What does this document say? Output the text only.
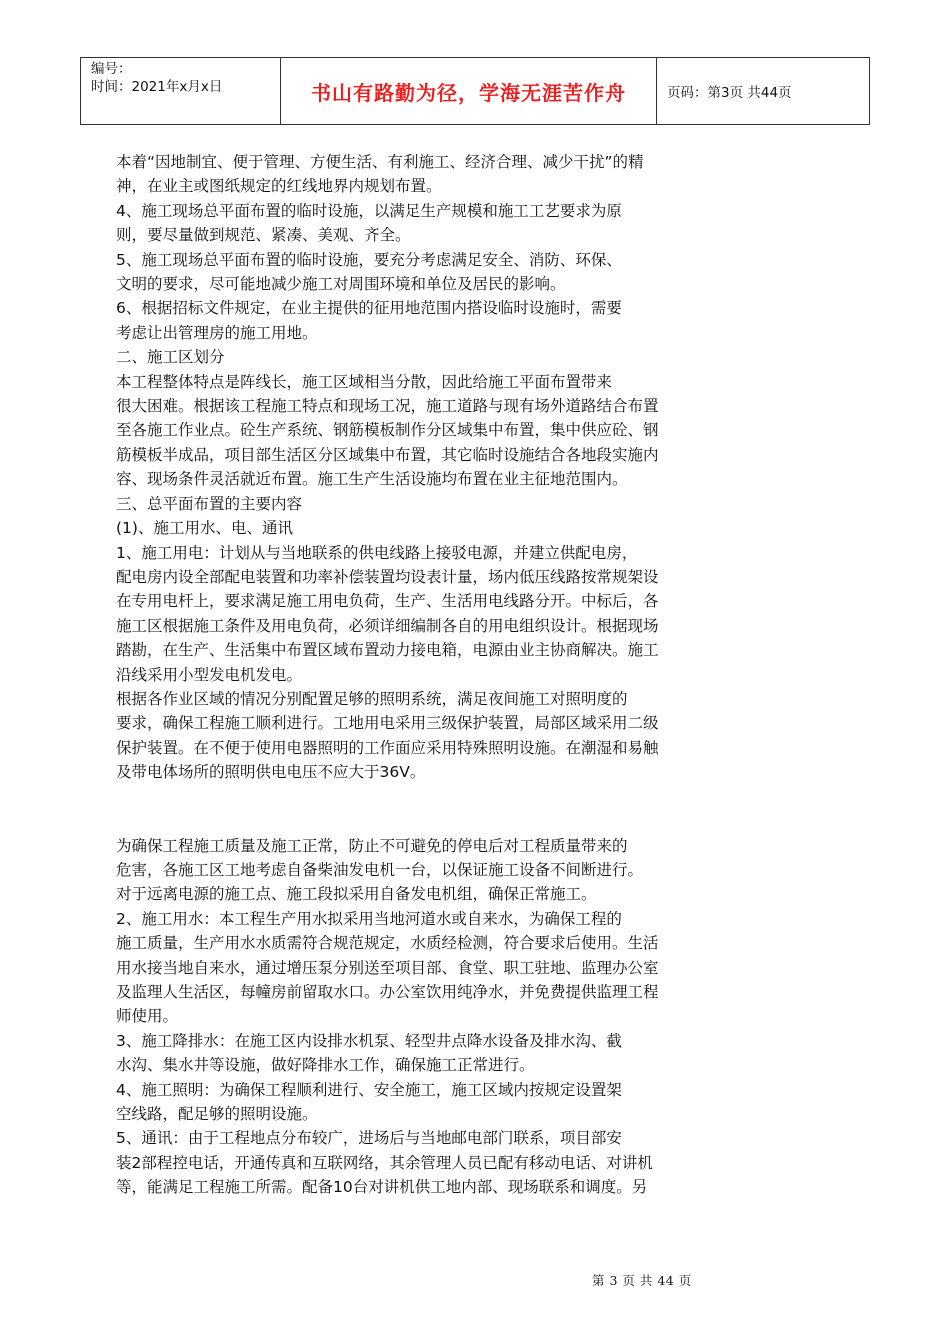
编号：
时间：2021年x月x日	书山有路勤为径，学海无涯苦作舟	页码：第3页 共44页

本着“因地制宜、便于管理、方便生活、有利施工、经济合理、减少干扰”的精

神，在业主或图纸规定的红线地界内规划布置。

4、施工现场总平面布置的临时设施，以满足生产规模和施工工艺要求为原

则，要尽量做到规范、紧凑、美观、齐全。

5、施工现场总平面布置的临时设施，要充分考虑满足安全、消防、环保、

文明的要求，尽可能地减少施工对周围环境和单位及居民的影响。

6、根据招标文件规定，在业主提供的征用地范围内搭设临时设施时，需要

考虑让出管理房的施工用地。

二、施工区划分

本工程整体特点是阵线长，施工区域相当分散，因此给施工平面布置带来

很大困难。根据该工程施工特点和现场工况，施工道路与现有场外道路结合布置

至各施工作业点。砼生产系统、钢筋模板制作分区域集中布置，集中供应砼、钢

筋模板半成品，项目部生活区分区域集中布置，其它临时设施结合各地段实施内

容、现场条件灵活就近布置。施工生产生活设施均布置在业主征地范围内。

三、总平面布置的主要内容

(1)、施工用水、电、通讯

1、施工用电：计划从与当地联系的供电线路上接驳电源，并建立供配电房，

配电房内设全部配电装置和功率补偿装置均设表计量，场内低压线路按常规架设

在专用电杆上，要求满足施工用电负荷，生产、生活用电线路分开。中标后，各

施工区根据施工条件及用电负荷，必须详细编制各自的用电组织设计。根据现场

踏勘，在生产、生活集中布置区域布置动力接电箱，电源由业主协商解决。施工

沿线采用小型发电机发电。

根据各作业区域的情况分别配置足够的照明系统，满足夜间施工对照明度的

要求，确保工程施工顺利进行。工地用电采用三级保护装置，局部区域采用二级

保护装置。在不便于使用电器照明的工作面应采用特殊照明设施。在潮湿和易触

及带电体场所的照明供电电压不应大于36V。

为确保工程施工质量及施工正常，防止不可避免的停电后对工程质量带来的

危害，各施工区工地考虑自备柴油发电机一台，以保证施工设备不间断进行。

对于远离电源的施工点、施工段拟采用自备发电机组，确保正常施工。

2、施工用水：本工程生产用水拟采用当地河道水或自来水，为确保工程的

施工质量，生产用水水质需符合规范规定，水质经检测，符合要求后使用。生活

用水接当地自来水，通过增压泵分别送至项目部、食堂、职工驻地、监理办公室

及监理人生活区，每幢房前留取水口。办公室饮用纯净水，并免费提供监理工程

师使用。

3、施工降排水：在施工区内设排水机泵、轻型井点降水设备及排水沟、截

水沟、集水井等设施，做好降排水工作，确保施工正常进行。

4、施工照明：为确保工程顺利进行、安全施工，施工区域内按规定设置架

空线路，配足够的照明设施。

5、通讯：由于工程地点分布较广，进场后与当地邮电部门联系，项目部安

装2部程控电话，开通传真和互联网络，其余管理人员已配有移动电话、对讲机

等，能满足工程施工所需。配备10台对讲机供工地内部、现场联系和调度。另

第 3 页 共 44 页
